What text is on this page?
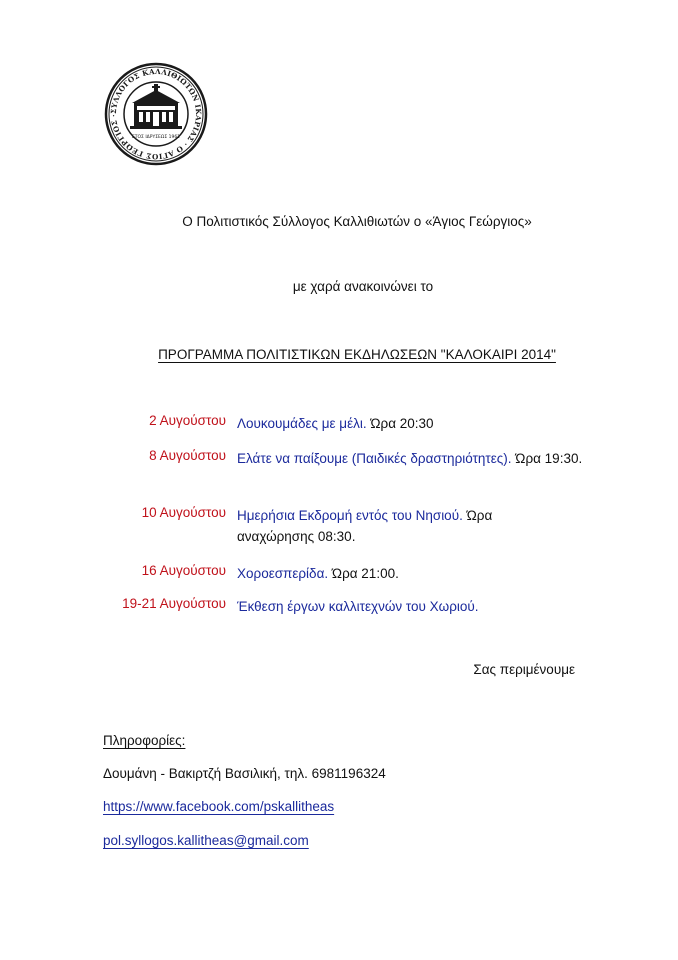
ΣΥΛΛΟΓΟΣ ΚΑΛΛΙΘΙΩΤΩΝ ΙΚΑΡΙΑΣ · Ο ΑΓΙΟΣ ΓΕΩΡΓΙΟΣ ·
ΕΤΟΣ ΙΔΡΥΣΕΩΣ 1961
Ο Πολιτιστικός Σύλλογος Καλλιθιωτών ο «Άγιος Γεώργιος»
με χαρά ανακοινώνει το
ΠΡΟΓΡΑΜΜΑ ΠΟΛΙΤΙΣΤΙΚΩΝ ΕΚΔΗΛΩΣΕΩΝ "ΚΑΛΟΚΑΙΡΙ 2014"
2 Αυγούστου Λουκουμάδες με μέλι. Ώρα 20:30
8 Αυγούστου Ελάτε να παίξουμε (Παιδικές δραστηριότητες). Ώρα 19:30.
10 Αυγούστου Ημερήσια Εκδρομή εντός του Νησιού. Ώρα αναχώρησης 08:30.
16 Αυγούστου Χοροεσπερίδα. Ώρα 21:00.
19-21 Αυγούστου Έκθεση έργων καλλιτεχνών του Χωριού.
Σας περιμένουμε
Πληροφορίες:
Δουμάνη - Βακιρτζή Βασιλική, τηλ. 6981196324
https://www.facebook.com/pskallitheas
pol.syllogos.kallitheas@gmail.com
